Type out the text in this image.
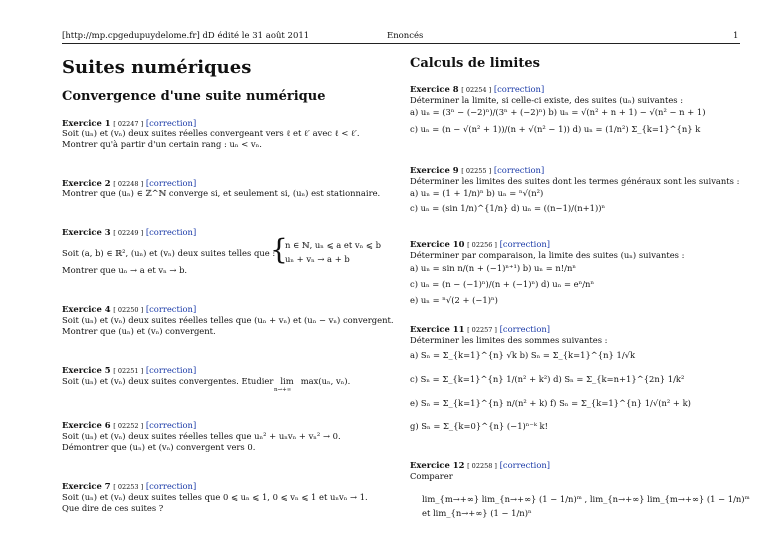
[http://mp.cpgedupuydelome.fr] dD édité le 31 août 2011	Enoncés	1
Suites numériques
Convergence d'une suite numérique
Exercice 1 [ 02247 ] [correction]
Soit (uₙ) et (vₙ) deux suites réelles convergeant vers ℓ et ℓ′ avec ℓ < ℓ′.
Montrer qu'à partir d'un certain rang : uₙ < vₙ.
Exercice 2 [ 02248 ] [correction]
Montrer que (uₙ) ∈ ℤ^ℕ converge si, et seulement si, (uₙ) est stationnaire.
Exercice 3 [ 02249 ] [correction]
Soit (a, b) ∈ ℝ², (uₙ) et (vₙ) deux suites telles que :
{
n ∈ ℕ, uₙ ⩽ a et vₙ ⩽ b
uₙ + vₙ → a + b
Montrer que uₙ → a et vₙ → b.
Exercice 4 [ 02250 ] [correction]
Soit (uₙ) et (vₙ) deux suites réelles telles que (uₙ + vₙ) et (uₙ − vₙ) convergent.
Montrer que (uₙ) et (vₙ) convergent.
Exercice 5 [ 02251 ] [correction]
Soit (uₙ) et (vₙ) deux suites convergentes. Etudier lim
n→+∞
max(uₙ, vₙ).
Exercice 6 [ 02252 ] [correction]
Soit (uₙ) et (vₙ) deux suites réelles telles que uₙ² + uₙvₙ + vₙ² → 0.
Démontrer que (uₙ) et (vₙ) convergent vers 0.
Exercice 7 [ 02253 ] [correction]
Soit (uₙ) et (vₙ) deux suites telles que 0 ⩽ uₙ ⩽ 1, 0 ⩽ vₙ ⩽ 1 et uₙvₙ → 1.
Que dire de ces suites ?
Calculs de limites
Exercice 8 [ 02254 ] [correction]
Déterminer la limite, si celle-ci existe, des suites (uₙ) suivantes :
a) uₙ = (3ⁿ − (−2)ⁿ)/(3ⁿ + (−2)ⁿ) b) uₙ = √(n² + n + 1) − √(n² − n + 1)
c) uₙ = (n − √(n² + 1))/(n + √(n² − 1)) d) uₙ = (1/n²) Σ_{k=1}^{n} k
Exercice 9 [ 02255 ] [correction]
Déterminer les limites des suites dont les termes généraux sont les suivants :
a) uₙ = (1 + 1/n)ⁿ b) uₙ = ⁿ√(n²)
c) uₙ = (sin 1/n)^{1/n} d) uₙ = ((n−1)/(n+1))ⁿ
Exercice 10 [ 02256 ] [correction]
Déterminer par comparaison, la limite des suites (uₙ) suivantes :
a) uₙ = sin n/(n + (−1)ⁿ⁺¹) b) uₙ = n!/nⁿ
c) uₙ = (n − (−1)ⁿ)/(n + (−1)ⁿ) d) uₙ = eⁿ/nⁿ
e) uₙ = ⁿ√(2 + (−1)ⁿ)
Exercice 11 [ 02257 ] [correction]
Déterminer les limites des sommes suivantes :
a) Sₙ = Σ_{k=1}^{n} √k b) Sₙ = Σ_{k=1}^{n} 1/√k
c) Sₙ = Σ_{k=1}^{n} 1/(n² + k²) d) Sₙ = Σ_{k=n+1}^{2n} 1/k²
e) Sₙ = Σ_{k=1}^{n} n/(n² + k) f) Sₙ = Σ_{k=1}^{n} 1/√(n² + k)
g) Sₙ = Σ_{k=0}^{n} (−1)ⁿ⁻ᵏ k!
Exercice 12 [ 02258 ] [correction]
Comparer
lim_{m→+∞} lim_{n→+∞} (1 − 1/n)ᵐ , lim_{n→+∞} lim_{m→+∞} (1 − 1/n)ᵐ
et lim_{n→+∞} (1 − 1/n)ⁿ
